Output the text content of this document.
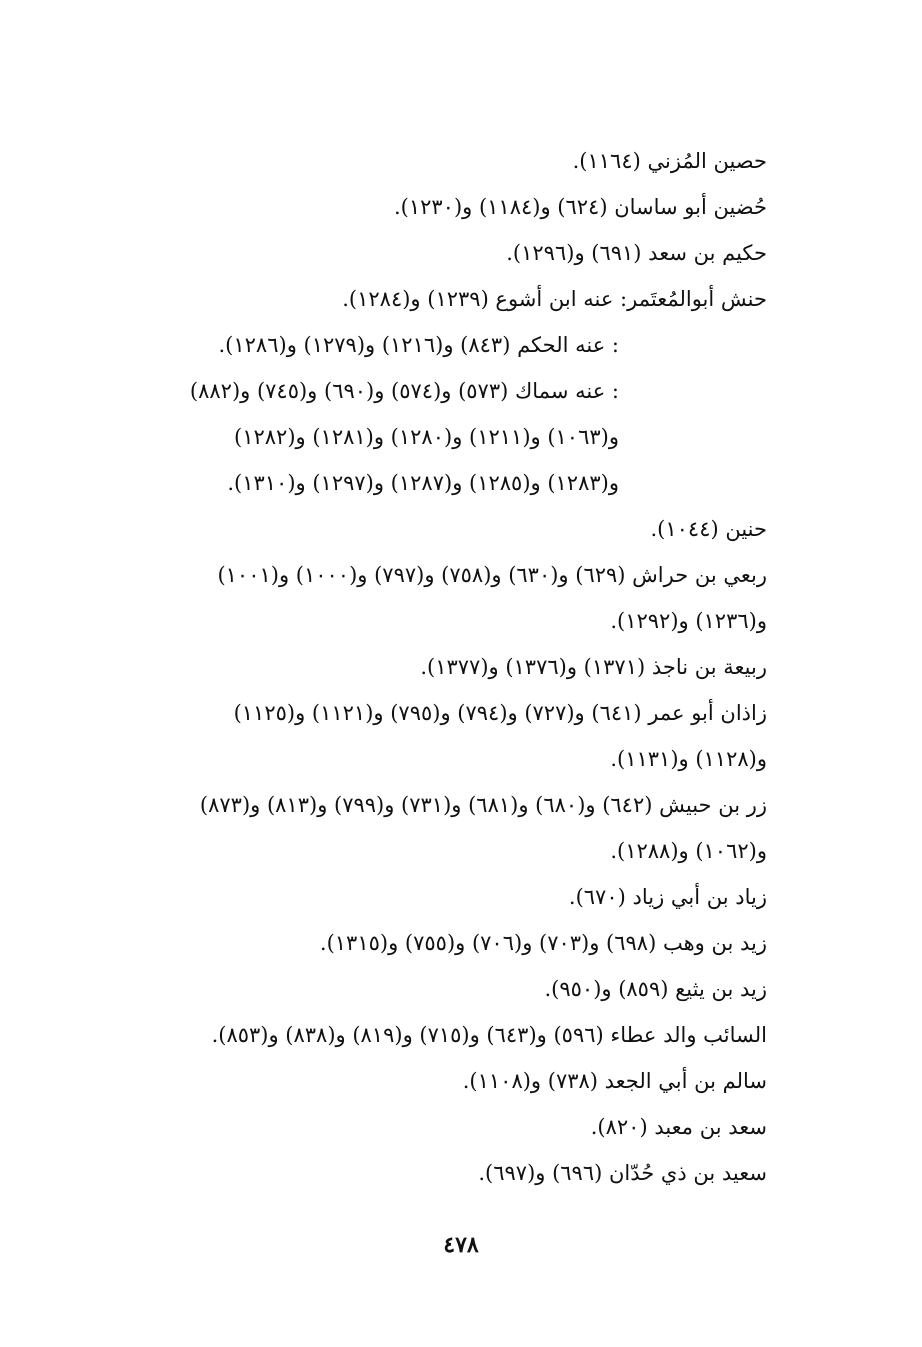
حصين المُزني (١١٦٤).
حُضين أبو ساسان (٦٢٤) و(١١٨٤) و(١٢٣٠).
حكيم بن سعد (٦٩١) و(١٢٩٦).
حنش أبوالمُعتَمر: عنه ابن أشوع (١٢٣٩) و(١٢٨٤).
: عنه الحكم (٨٤٣) و(١٢١٦) و(١٢٧٩) و(١٢٨٦).
: عنه سماك (٥٧٣) و(٥٧٤) و(٦٩٠) و(٧٤٥) و(٨٨٢)
و(١٠٦٣) و(١٢١١) و(١٢٨٠) و(١٢٨١) و(١٢٨٢)
و(١٢٨٣) و(١٢٨٥) و(١٢٨٧) و(١٢٩٧) و(١٣١٠).
حنين (١٠٤٤).
ربعي بن حراش (٦٢٩) و(٦٣٠) و(٧٥٨) و(٧٩٧) و(١٠٠٠) و(١٠٠١)
و(١٢٣٦) و(١٢٩٢).
ربيعة بن ناجذ (١٣٧١) و(١٣٧٦) و(١٣٧٧).
زاذان أبو عمر (٦٤١) و(٧٢٧) و(٧٩٤) و(٧٩٥) و(١١٢١) و(١١٢٥)
و(١١٢٨) و(١١٣١).
زر بن حبيش (٦٤٢) و(٦٨٠) و(٦٨١) و(٧٣١) و(٧٩٩) و(٨١٣) و(٨٧٣)
و(١٠٦٢) و(١٢٨٨).
زياد بن أبي زياد (٦٧٠).
زيد بن وهب (٦٩٨) و(٧٠٣) و(٧٠٦) و(٧٥٥) و(١٣١٥).
زيد بن يثيع (٨٥٩) و(٩٥٠).
السائب والد عطاء (٥٩٦) و(٦٤٣) و(٧١٥) و(٨١٩) و(٨٣٨) و(٨٥٣).
سالم بن أبي الجعد (٧٣٨) و(١١٠٨).
سعد بن معبد (٨٢٠).
سعيد بن ذي حُدّان (٦٩٦) و(٦٩٧).
٤٧٨
